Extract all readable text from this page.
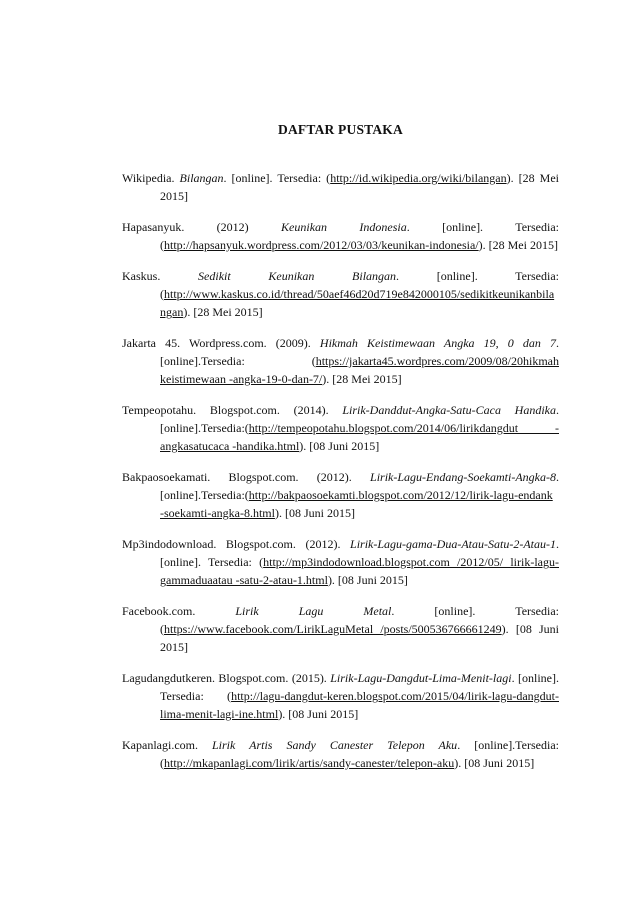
DAFTAR PUSTAKA

Wikipedia. Bilangan. [online]. Tersedia: (http://id.wikipedia.org/wiki/bilangan). [28 Mei 2015]

Hapasanyuk. (2012)	Keunikan Indonesia. [online]. Tersedia: (http://hapsanyuk.wordpress.com/2012/03/03/keunikan-indonesia/). [28 Mei 2015]

Kaskus.	Sedikit Keunikan Bilangan. [online]. Tersedia:(http://www.kaskus.co.id/thread/50aef46d20d719e842000105/sedikitkeunikanbilangan). [28 Mei 2015]

Jakarta 45. Wordpress.com. (2009). Hikmah Keistimewaan Angka 19, 0 dan 7. [online].Tersedia: (https://jakarta45.wordpres.com/2009/08/20hikmah keistimewaan -angka-19-0-dan-7/). [28 Mei 2015]

Tempeopotahu. Blogspot.com. (2014). Lirik-Danddut-Angka-Satu-Caca Handika. [online].Tersedia:(http://tempeopotahu.blogspot.com/2014/06/lirikdangdut -angkasatucaca -handika.html). [08 Juni 2015]

Bakpaosoekamati. Blogspot.com. (2012). Lirik-Lagu-Endang-Soekamti-Angka-8. [online].Tersedia:(http://bakpaosoekamti.blogspot.com/2012/12/lirik-lagu-endank -soekamti-angka-8.html). [08 Juni 2015]

Mp3indodownload. Blogspot.com. (2012). Lirik-Lagu-gama-Dua-Atau-Satu-2-Atau-1. [online]. Tersedia: (http://mp3indodownload.blogspot.com /2012/05/ lirik-lagu-gammaduaatau -satu-2-atau-1.html). [08 Juni 2015]

Facebook.com.	Lirik Lagu Metal. [online]. Tersedia: (https://www.facebook.com/LirikLaguMetal /posts/500536766661249). [08 Juni 2015]

Lagudangdutkeren. Blogspot.com. (2015). Lirik-Lagu-Dangdut-Lima-Menit-lagi. [online]. Tersedia: (http://lagu-dangdut-keren.blogspot.com/2015/04/lirik-lagu-dangdut-lima-menit-lagi-ine.html). [08 Juni 2015]

Kapanlagi.com. Lirik Artis Sandy Canester Telepon Aku. [online].Tersedia:(http://mkapanlagi.com/lirik/artis/sandy-canester/telepon-aku). [08 Juni 2015]
